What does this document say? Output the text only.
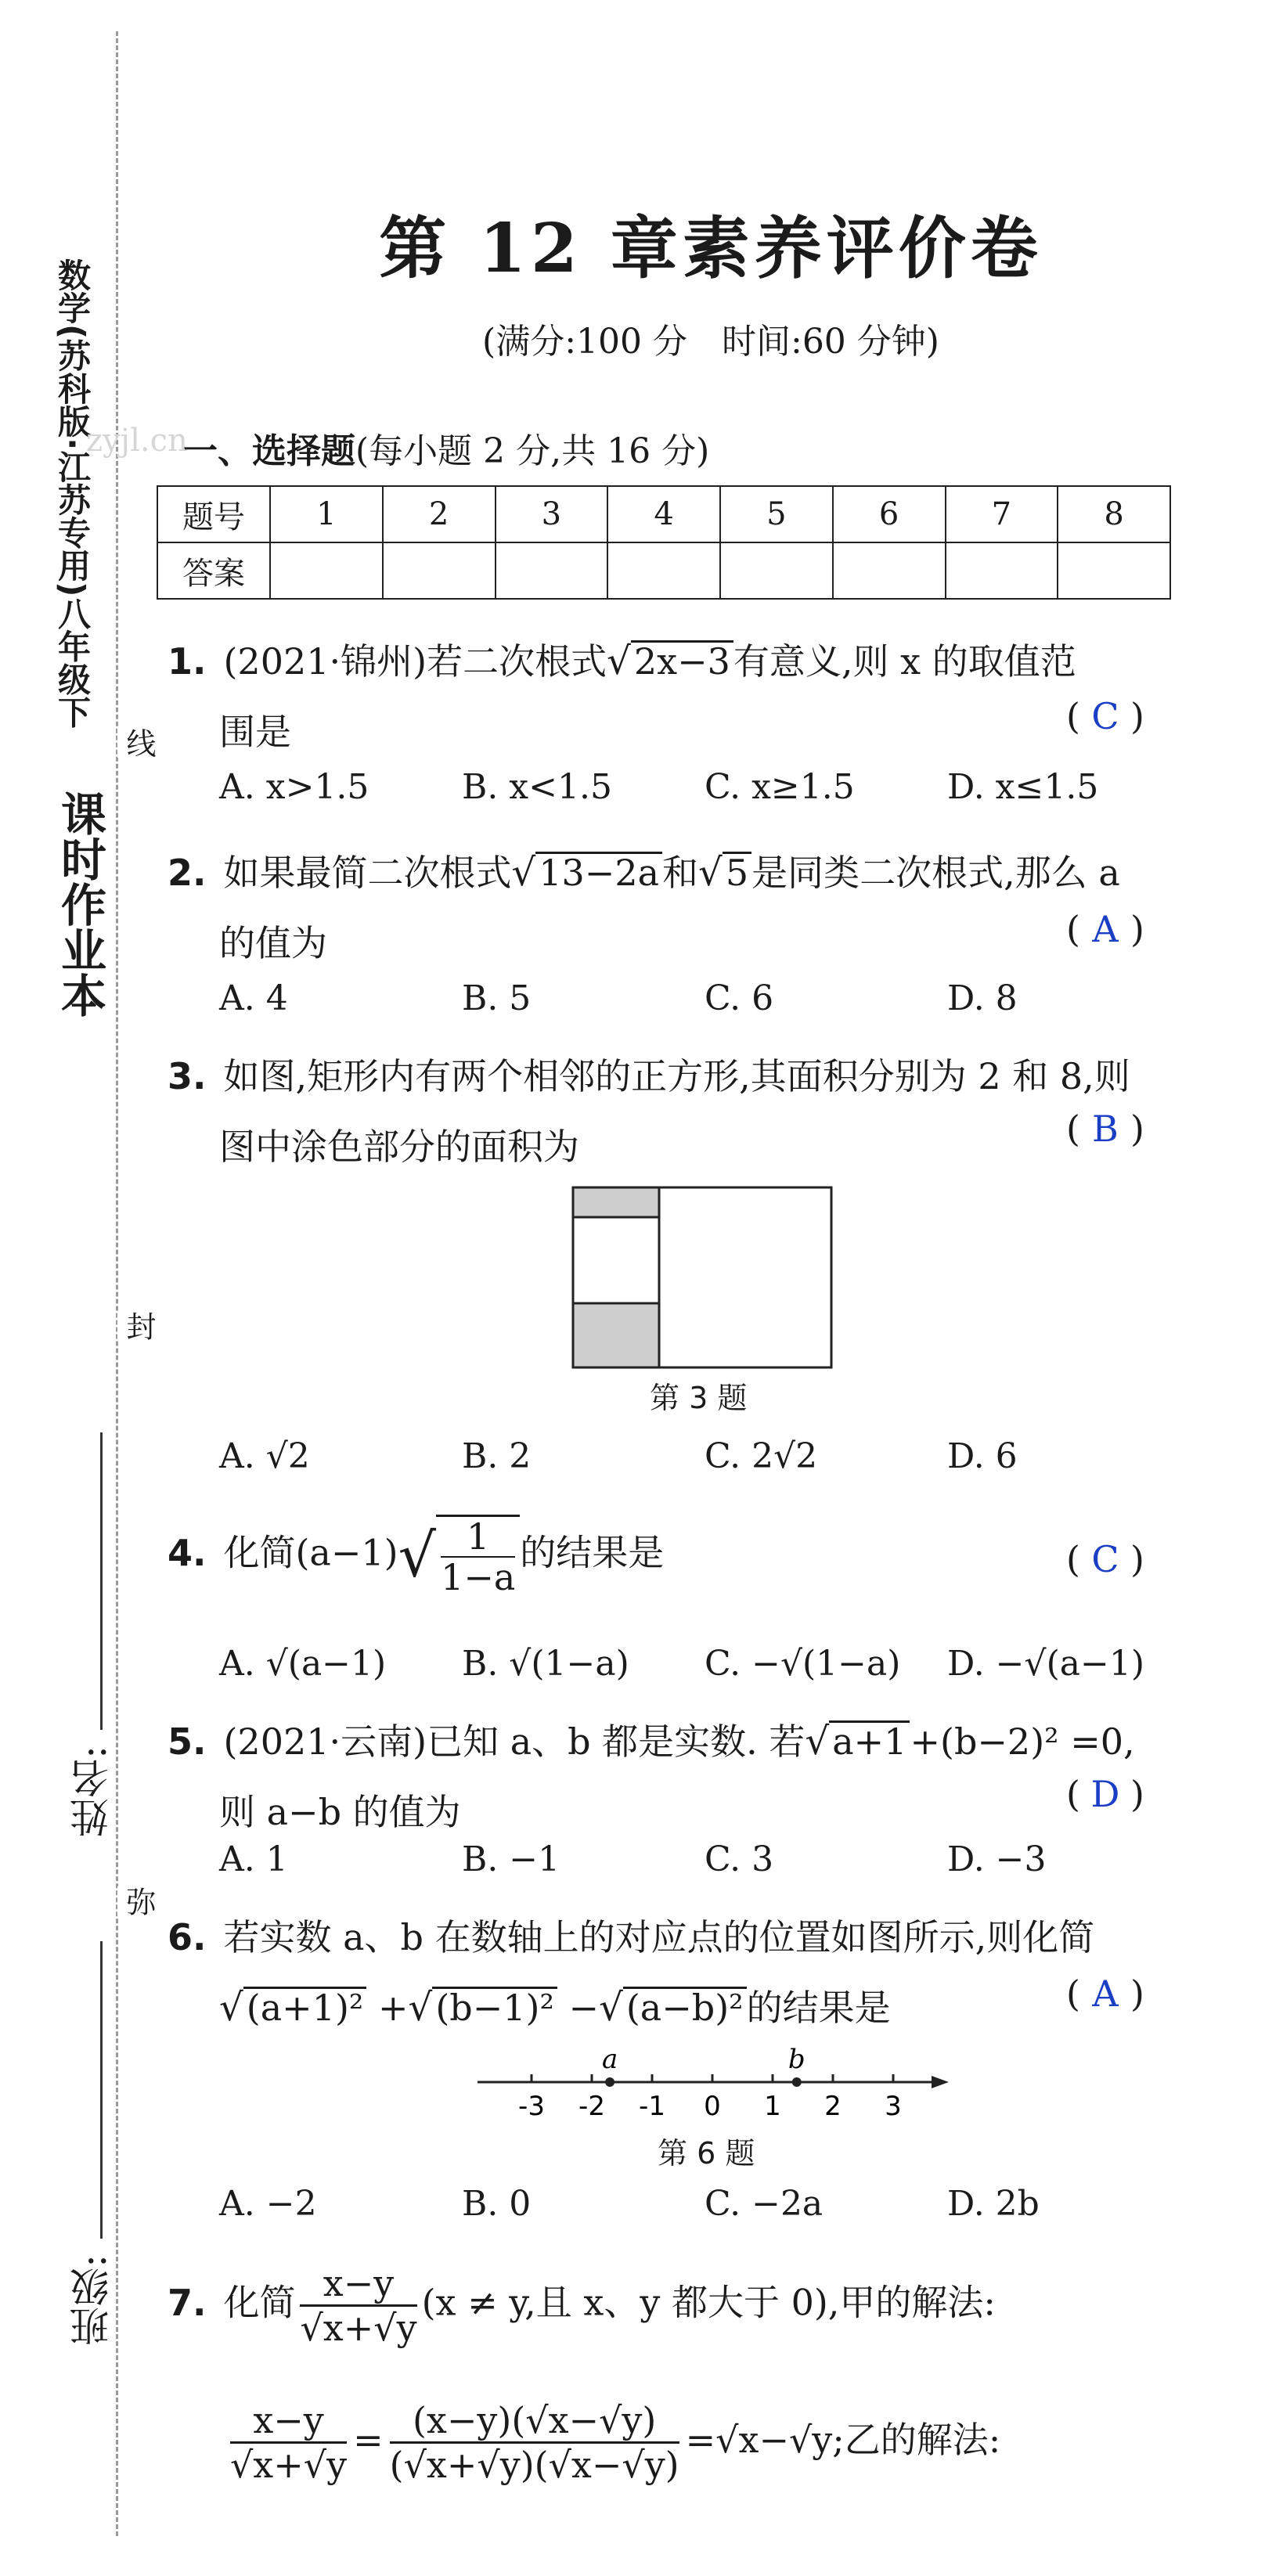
数学(苏科版·江苏专用)八年级下
课时作业本
zyjl.cn
线
封
弥
姓名:
班级:
第 12 章素养评价卷
(满分:100 分　时间:60 分钟)
一、选择题(每小题 2 分,共 16 分)
题号	1	2	3	4	5	6	7	8
答案								
1. (2021·锦州)若二次根式√2x−3有意义,则 x 的取值范
围是	( C )
A. x>1.5	B. x<1.5	C. x≥1.5	D. x≤1.5
2. 如果最简二次根式√13−2a和√5是同类二次根式,那么 a
的值为	( A )
A. 4	B. 5	C. 6	D. 8
3. 如图,矩形内有两个相邻的正方形,其面积分别为 2 和 8,则
图中涂色部分的面积为	( B )
第 3 题
A. √2	B. 2	C. 2√2	D. 6
4. 化简$(a-1)√ \frac{1}{1-a}$ 的结果是	( C )
A. √(a−1) B. √(1−a) C. −√(1−a) D. −√(a−1)
5. (2021·云南)已知 a、b 都是实数. 若√a+1+(b−2)² =0,
则 a−b 的值为	( D )
A. 1	B. −1	C. 3	D. −3
6. 若实数 a、b 在数轴上的对应点的位置如图所示,则化简
√(a+1)² +√(b−1)² −√(a−b)²的结果是	( A )
-3 -2 -1 0 1 2 3
a	b
第 6 题
A. −2	B. 0	C. −2a	D. 2b
7. 化简 $\frac{x-y}{√x+√y} (x \ne y$,且 x、y 都大于 0),甲的解法:
$\frac{x-y}{√x+√y} = \frac{(x-y)(√x-√y)}{(√x+√y)(√x-√y)} =√x-√y$;乙的解法:
